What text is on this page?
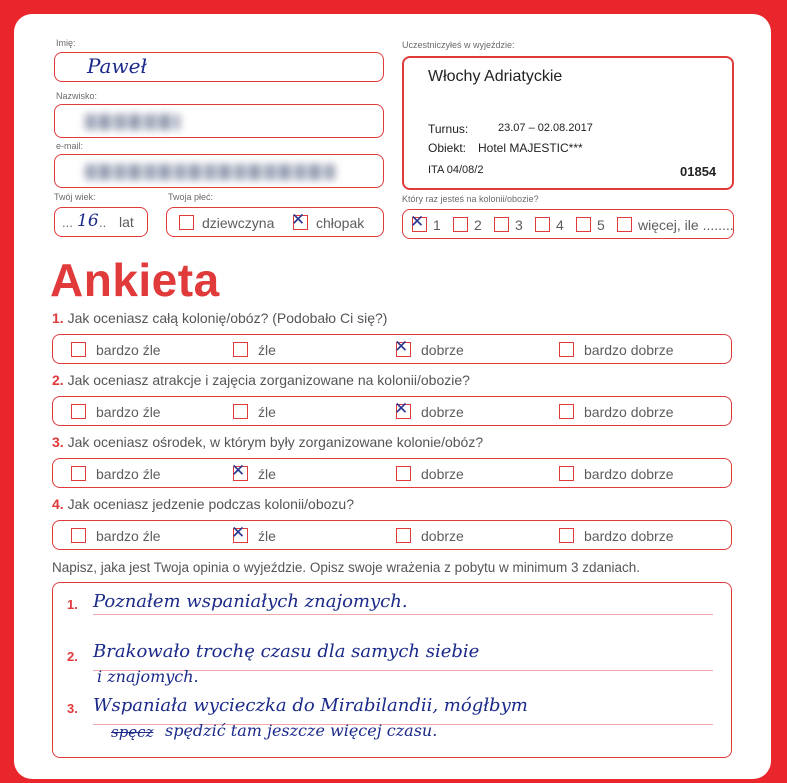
Imię:
Paweł
Nazwisko:
e-mail:
Twój wiek:
... 16 .. lat
Twoja płeć:
dziewczyna ✕ chłopak
Uczestniczyłeś w wyjeździe:
Włochy Adriatyckie
Turnus:	23.07 – 02.08.2017
Obiekt: Hotel MAJESTIC***
ITA 04/08/2	01854
Który raz jesteś na kolonii/obozie?
✕ 1 2 3 4 5 więcej, ile ........
Ankieta
1. Jak oceniasz całą kolonię/obóz? (Podobało Ci się?)
bardzo źle	źle	✕ dobrze	bardzo dobrze
2. Jak oceniasz atrakcje i zajęcia zorganizowane na kolonii/obozie?
bardzo źle	źle	✕ dobrze	bardzo dobrze
3. Jak oceniasz ośrodek, w którym były zorganizowane kolonie/obóz?
bardzo źle	✕ źle	dobrze	bardzo dobrze
4. Jak oceniasz jedzenie podczas kolonii/obozu?
bardzo źle	✕ źle	dobrze	bardzo dobrze
Napisz, jaka jest Twoja opinia o wyjeździe. Opisz swoje wrażenia z pobytu w minimum 3 zdaniach.
1. Poznałem wspaniałych znajomych.
2. Brakowało trochę czasu dla samych siebie
i znajomych.
3. Wspaniała wycieczka do Mirabilandii, mógłbym
spęcz spędzić tam jeszcze więcej czasu.
